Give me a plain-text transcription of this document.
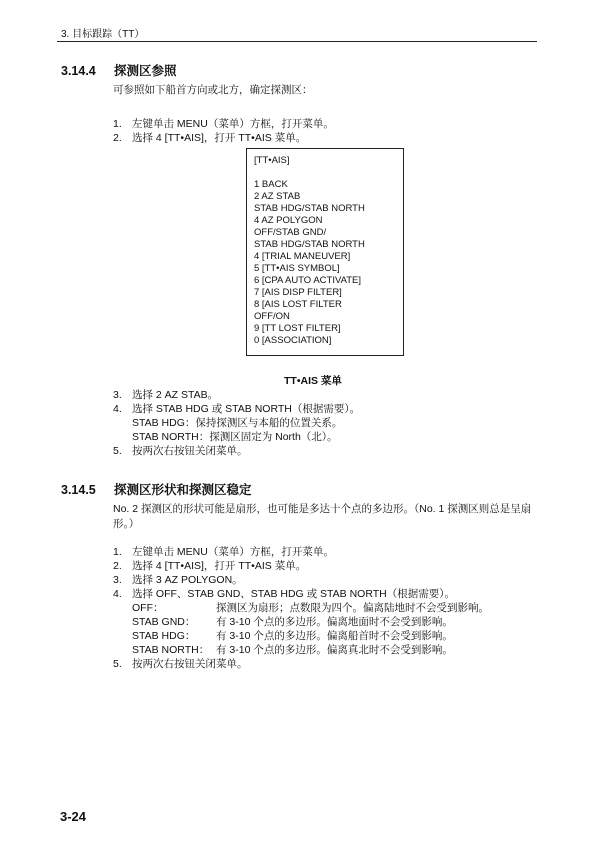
3. 目标跟踪（TT）
3.14.4 探测区参照
可参照如下船首方向或北方，确定探测区：
1. 左键单击 MENU（菜单）方框，打开菜单。
2. 选择 4 [TT•AIS]，打开 TT•AIS 菜单。
[TT•AIS]

1 BACK
2 AZ STAB
STAB HDG/STAB NORTH
4 AZ POLYGON
OFF/STAB GND/
STAB HDG/STAB NORTH
4 [TRIAL MANEUVER]
5 [TT•AIS SYMBOL]
6 [CPA AUTO ACTIVATE]
7 [AIS DISP FILTER]
8 [AIS LOST FILTER
OFF/ON
9 [TT LOST FILTER]
0 [ASSOCIATION]
TT•AIS 菜单
3. 选择 2 AZ STAB。
4. 选择 STAB HDG 或 STAB NORTH（根据需要）。
STAB HDG：保持探测区与本船的位置关系。
STAB NORTH：探测区固定为 North（北）。
5. 按两次右按钮关闭菜单。
3.14.5 探测区形状和探测区稳定
No. 2 探测区的形状可能是扇形，也可能是多达十个点的多边形。（No. 1 探测区则总是呈扇形。）
1. 左键单击 MENU（菜单）方框，打开菜单。
2. 选择 4 [TT•AIS]，打开 TT•AIS 菜单。
3. 选择 3 AZ POLYGON。
4. 选择 OFF、STAB GND、STAB HDG 或 STAB NORTH（根据需要）。
OFF：	探测区为扇形；点数限为四个。偏离陆地时不会受到影响。
STAB GND： 有 3-10 个点的多边形。偏离地面时不会受到影响。
STAB HDG： 有 3-10 个点的多边形。偏离船首时不会受到影响。
STAB NORTH： 有 3-10 个点的多边形。偏离真北时不会受到影响。
5. 按两次右按钮关闭菜单。
3-24
